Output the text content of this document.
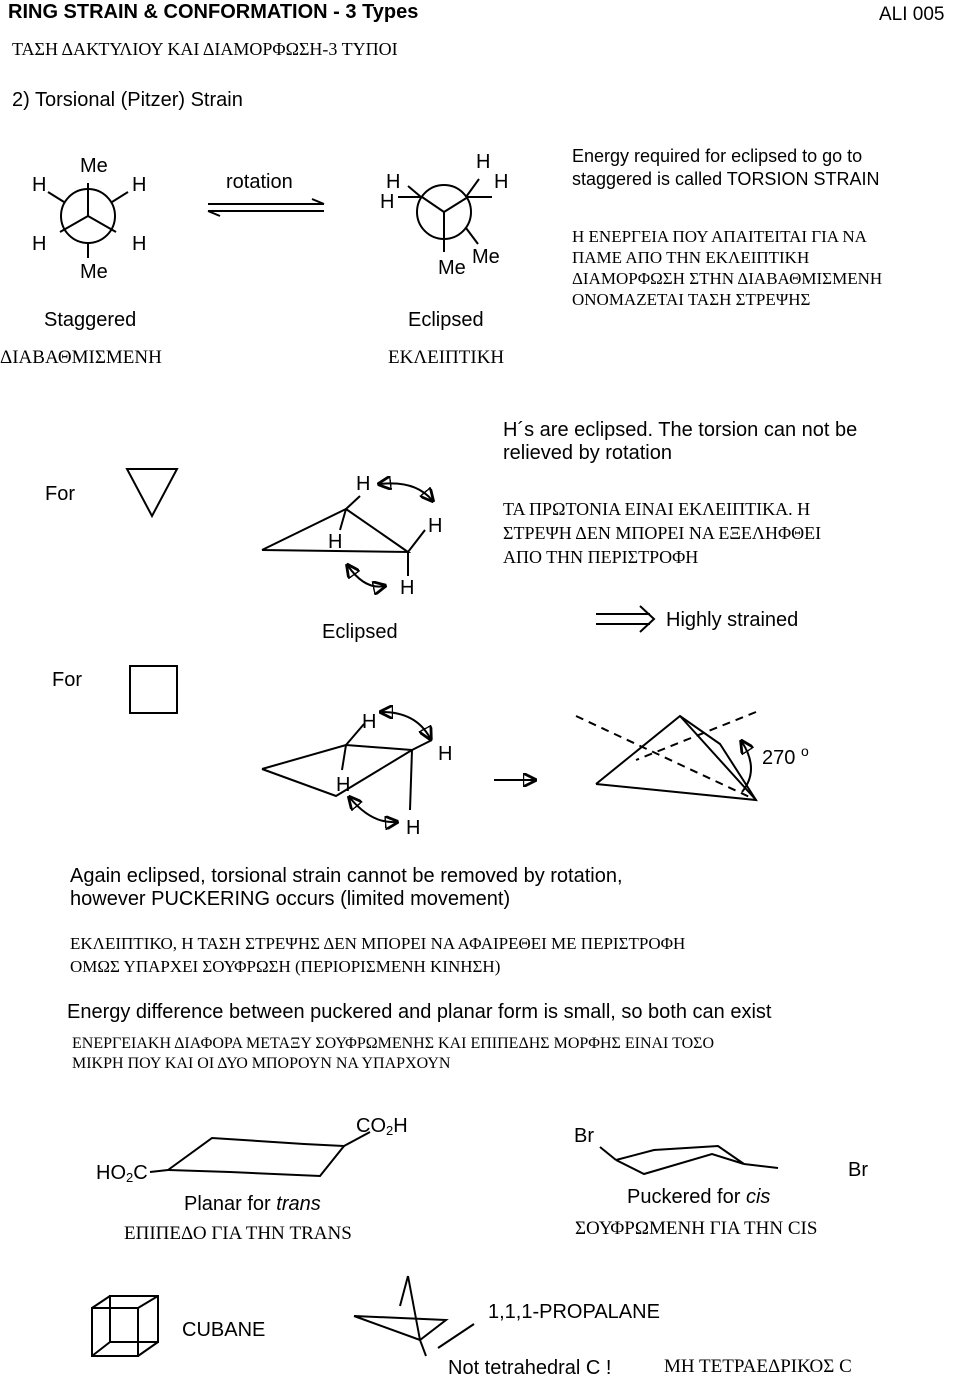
RING STRAIN & CONFORMATION - 3 Types	ALI 005
ΤΑΣΗ ΔΑΚΤΥΛΙΟΥ ΚΑΙ ΔΙΑΜΟΡΦΩΣΗ-3 ΤΥΠΟΙ
2) Torsional (Pitzer) Strain
Me
H	H
H	H
Me
Staggered
ΔΙΑΒΑΘΜΙΣΜΕΝΗ
rotation
H
H	H
H
Me Me
Eclipsed
ΕΚΛΕΙΠΤΙΚΗ
Energy required for eclipsed to go to
staggered is called TORSION STRAIN
Η ΕΝΕΡΓΕΙΑ ΠΟΥ ΑΠΑΙΤΕΙΤΑΙ ΓΙΑ ΝΑ
ΠΑΜΕ ΑΠΟ ΤΗΝ ΕΚΛΕΙΠΤΙΚΗ
ΔΙΑΜΟΡΦΩΣΗ ΣΤΗΝ ΔΙΑΒΑΘΜΙΣΜΕΝΗ
ΟΝΟΜΑΖΕΤΑΙ ΤΑΣΗ ΣΤΡΕΨΗΣ
For	H
H
H
H
Eclipsed
H´s are eclipsed. The torsion can not be
relieved by rotation
ΤΑ ΠΡΩΤΟΝΙΑ ΕΙΝΑΙ ΕΚΛΕΙΠΤΙΚΑ. Η
ΣΤΡΕΨΗ ΔΕΝ ΜΠΟΡΕΙ ΝΑ ΕΞΕΛΗΦΘΕΙ
ΑΠΟ ΤΗΝ ΠΕΡΙΣΤΡΟΦΗ
Highly strained
For
H
H
H
H
270 $^o$
Again eclipsed, torsional strain cannot be removed by rotation,
however PUCKERING occurs (limited movement)
ΕΚΛΕΙΠΤΙΚΟ, Η ΤΑΣΗ ΣΤΡΕΨΗΣ ΔΕΝ ΜΠΟΡΕΙ ΝΑ ΑΦΑΙΡΕΘΕΙ ΜΕ ΠΕΡΙΣΤΡΟΦΗ
ΟΜΩΣ ΥΠΑΡΧΕΙ ΣΟΥΦΡΩΣΗ (ΠΕΡΙΟΡΙΣΜΕΝΗ ΚΙΝΗΣΗ)
Energy difference between puckered and planar form is small, so both can exist
ΕΝΕΡΓΕΙΑΚΗ ΔΙΑΦΟΡΑ ΜΕΤΑΞΥ ΣΟΥΦΡΩΜΕΝΗΣ ΚΑΙ ΕΠΙΠΕΔΗΣ ΜΟΡΦΗΣ ΕΙΝΑΙ ΤΟΣΟ
ΜΙΚΡΗ ΠΟΥ ΚΑΙ ΟΙ ΔΥΟ ΜΠΟΡΟΥΝ ΝΑ ΥΠΑΡΧΟΥΝ
$CO_2H$
$HO_2C$
Planar for trans
ΕΠΙΠΕΔΟ ΓΙΑ ΤΗΝ TRANS
Br
Br
Puckered for cis
ΣΟΥΦΡΩΜΕΝΗ ΓΙΑ ΤΗΝ CIS
CUBANE
1,1,1-PROPALANE
Not tetrahedral C !	ΜΗ ΤΕΤΡΑΕΔΡΙΚΟΣ C
